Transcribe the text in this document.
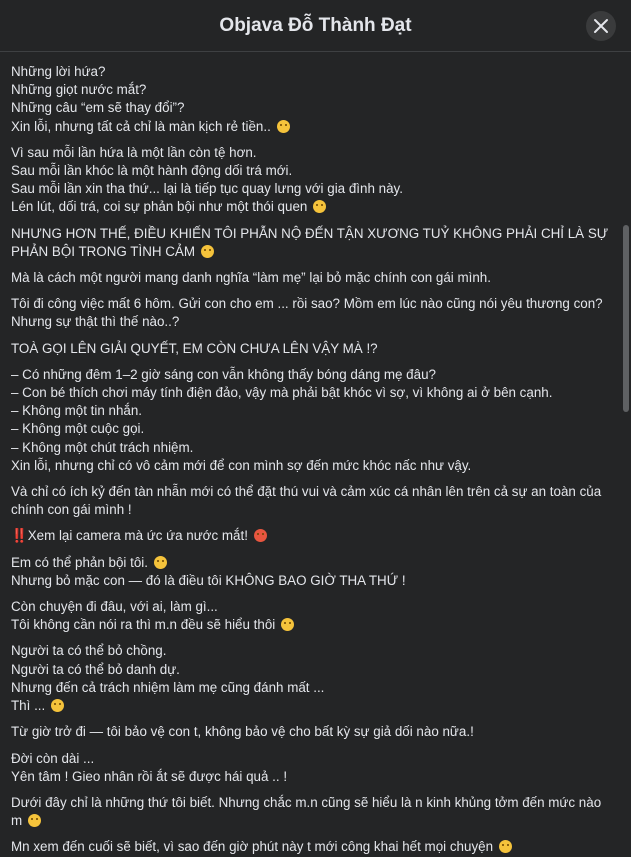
Objava Đỗ Thành Đạt

Những lời hứa?
Những giọt nước mắt?
Những câu “em sẽ thay đổi”?
Xin lỗi, nhưng tất cả chỉ là màn kịch rẻ tiền..

Vì sau mỗi lần hứa là một lần còn tệ hơn.
Sau mỗi lần khóc là một hành động dối trá mới.
Sau mỗi lần xin tha thứ... lại là tiếp tục quay lưng với gia đình này.
Lén lút, dối trá, coi sự phản bội như một thói quen

NHƯNG HƠN THẾ, ĐIỀU KHIẾN TÔI PHẪN NỘ ĐẾN TẬN XƯƠNG TUỶ KHÔNG PHẢI CHỈ LÀ SỰ PHẢN BỘI TRONG TÌNH CẢM

Mà là cách một người mang danh nghĩa “làm mẹ” lại bỏ mặc chính con gái mình.

Tôi đi công việc mất 6 hôm. Gửi con cho em ... rồi sao? Mồm em lúc nào cũng nói yêu thương con?
Nhưng sự thật thì thế nào..?

TOÀ GỌI LÊN GIẢI QUYẾT, EM CÒN CHƯA LÊN VẬY MÀ !?

– Có những đêm 1–2 giờ sáng con vẫn không thấy bóng dáng mẹ đâu?
– Con bé thích chơi máy tính điện đảo, vậy mà phải bật khóc vì sợ, vì không ai ở bên cạnh.
– Không một tin nhắn.
– Không một cuộc gọi.
– Không một chút trách nhiệm.
Xin lỗi, nhưng chỉ có vô cảm mới để con mình sợ đến mức khóc nấc như vậy.

Và chỉ có ích kỷ đến tàn nhẫn mới có thể đặt thú vui và cảm xúc cá nhân lên trên cả sự an toàn của chính con gái mình !

‼️Xem lại camera mà ức ứa nước mắt!

Em có thể phản bội tôi.
Nhưng bỏ mặc con — đó là điều tôi KHÔNG BAO GIỜ THA THỨ !

Còn chuyện đi đâu, với ai, làm gì...
Tôi không cần nói ra thì m.n đều sẽ hiểu thôi

Người ta có thể bỏ chồng.
Người ta có thể bỏ danh dự.
Nhưng đến cả trách nhiệm làm mẹ cũng đánh mất ...
Thì ...

Từ giờ trở đi — tôi bảo vệ con t, không bảo vệ cho bất kỳ sự giả dối nào nữa.!

Đời còn dài ...
Yên tâm ! Gieo nhân rồi ắt sẽ được hái quả .. !

Dưới đây chỉ là những thứ tôi biết. Nhưng chắc m.n cũng sẽ hiểu là n kinh khủng tởm đến mức nào
m

Mn xem đến cuối sẽ biết, vì sao đến giờ phút này t mới công khai hết mọi chuyện
